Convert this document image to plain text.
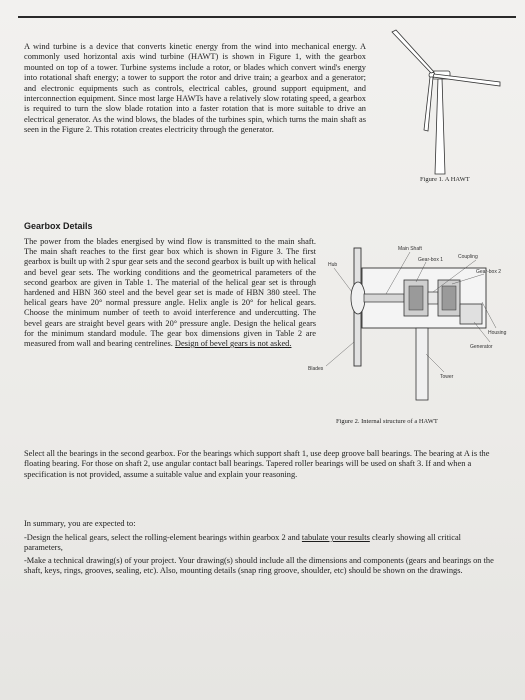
A wind turbine is a device that converts kinetic energy from the wind into mechanical energy. A commonly used horizontal axis wind turbine (HAWT) is shown in Figure 1, with the gearbox mounted on top of a tower. Turbine systems include a rotor, or blades which convert wind's energy into rotational shaft energy; a tower to support the rotor and drive train; a gearbox and a generator; and electronic equipments such as controls, electrical cables, ground support equipment, and interconnection equipment. Since most large HAWTs have a relatively slow rotating speed, a gearbox is required to turn the slow blade rotation into a faster rotation that is more suitable to drive an electrical generator. As the wind blows, the blades of the turbines spin, which turns the main shaft as seen in the Figure 2. This rotation creates electricity through the generator.

Figure 1. A HAWT

Gearbox Details

The power from the blades energised by wind flow is transmitted to the main shaft. The main shaft reaches to the first gear box which is shown in Figure 3. The first gearbox is built up with 2 spur gear sets and the second gearbox is built up with helical and bevel gear sets. The working conditions and the geometrical parameters of the second gearbox are given in Table 1. The material of the helical gear set is through hardened and HBN 360 steel and the bevel gear set is made of HBN 380 steel. The helical gears have 20° normal pressure angle. Helix angle is 20° for helical gears. Choose the minimum number of teeth to avoid interference and undercutting. The bevel gears are straight bevel gears with 20° pressure angle. Design the helical gears for the minimum standard module. The gear box dimensions given in Table 2 are measured from wall and bearing centrelines. Design of bevel gears is not asked.

Main Shaft
Coupling
Gear-box 1
Gear-box 2
Hub
Housing
Generator
Blades
Tower

Figure 2. Internal structure of a HAWT

Select all the bearings in the second gearbox. For the bearings which support shaft 1, use deep groove ball bearings. The bearing at A is the floating bearing. For those on shaft 2, use angular contact ball bearings. Tapered roller bearings will be used on shaft 3. If and when a specification is not provided, assume a suitable value and explain your reasoning.

In summary, you are expected to:

-Design the helical gears, select the rolling-element bearings within gearbox 2 and tabulate your results clearly showing all critical parameters,

-Make a technical drawing(s) of your project. Your drawing(s) should include all the dimensions and components (gears and bearings on the shaft, keys, rings, grooves, sealing, etc). Also, mounting details (snap ring groove, shoulder, etc) should be shown on the drawings.
